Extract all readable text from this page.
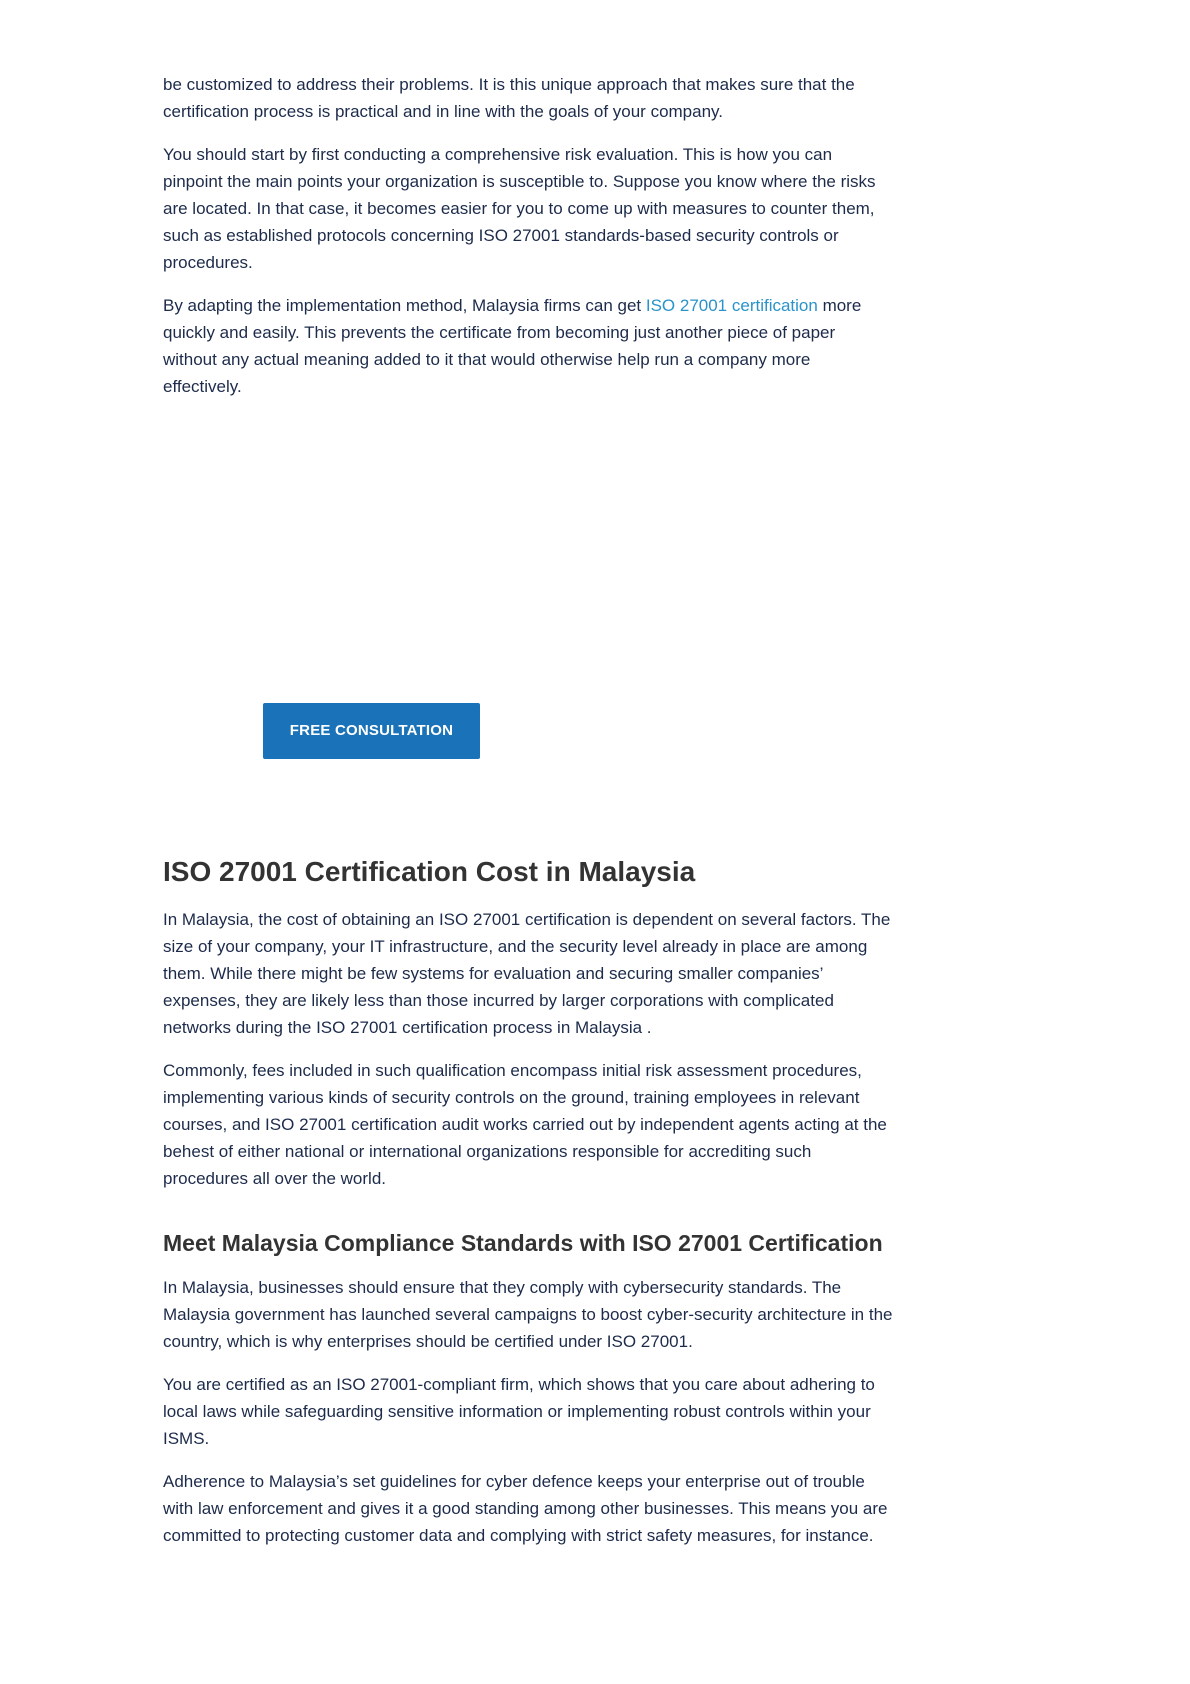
be customized to address their problems. It is this unique approach that makes sure that the certification process is practical and in line with the goals of your company.

You should start by first conducting a comprehensive risk evaluation. This is how you can pinpoint the main points your organization is susceptible to. Suppose you know where the risks are located. In that case, it becomes easier for you to come up with measures to counter them, such as established protocols concerning ISO 27001 standards-based security controls or procedures.

By adapting the implementation method, Malaysia firms can get ISO 27001 certification more quickly and easily. This prevents the certificate from becoming just another piece of paper without any actual meaning added to it that would otherwise help run a company more effectively.

FREE CONSULTATION
ISO 27001 Certification Cost in Malaysia

In Malaysia, the cost of obtaining an ISO 27001 certification is dependent on several factors. The size of your company, your IT infrastructure, and the security level already in place are among them. While there might be few systems for evaluation and securing smaller companies’ expenses, they are likely less than those incurred by larger corporations with complicated networks during the ISO 27001 certification process in Malaysia .

Commonly, fees included in such qualification encompass initial risk assessment procedures, implementing various kinds of security controls on the ground, training employees in relevant courses, and ISO 27001 certification audit works carried out by independent agents acting at the behest of either national or international organizations responsible for accrediting such procedures all over the world.

Meet Malaysia Compliance Standards with ISO 27001 Certification

In Malaysia, businesses should ensure that they comply with cybersecurity standards. The Malaysia government has launched several campaigns to boost cyber-security architecture in the country, which is why enterprises should be certified under ISO 27001.

You are certified as an ISO 27001-compliant firm, which shows that you care about adhering to local laws while safeguarding sensitive information or implementing robust controls within your ISMS.

Adherence to Malaysia’s set guidelines for cyber defence keeps your enterprise out of trouble with law enforcement and gives it a good standing among other businesses. This means you are committed to protecting customer data and complying with strict safety measures, for instance.
